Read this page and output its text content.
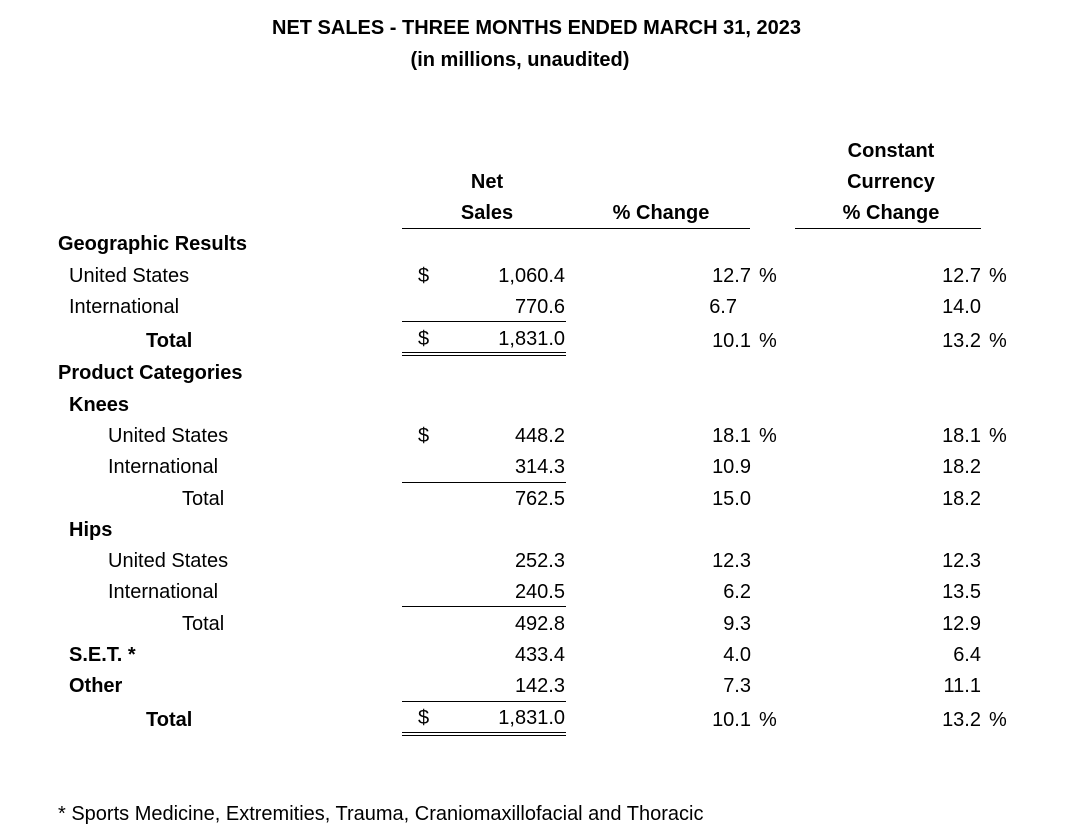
NET SALES - THREE MONTHS ENDED MARCH 31, 2023
(in millions, unaudited)
Net
Sales	% Change
Constant
Currency
% Change
Geographic Results
United States	$	1,060.4	12.7 %	12.7 %
International	770.6	6.7	14.0
Total	$	1,831.0	10.1 %	13.2 %
Product Categories
Knees
United States	$	448.2	18.1 %	18.1 %
International	314.3	10.9	18.2
Total	762.5	15.0	18.2
Hips
United States	252.3	12.3	12.3
International	240.5	6.2	13.5
Total	492.8	9.3	12.9
S.E.T. *	433.4	4.0	6.4
Other	142.3	7.3	11.1
Total	$	1,831.0	10.1 %	13.2 %
* Sports Medicine, Extremities, Trauma, Craniomaxillofacial and Thoracic
